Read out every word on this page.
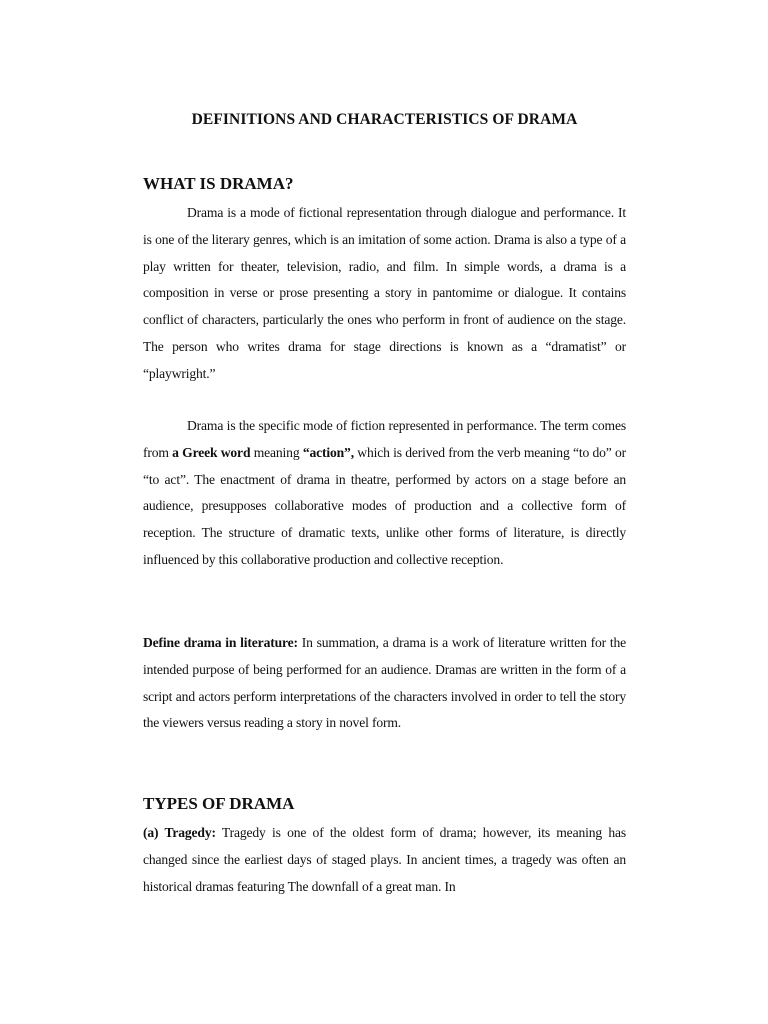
DEFINITIONS AND CHARACTERISTICS OF DRAMA
WHAT IS DRAMA?

Drama is a mode of fictional representation through dialogue and performance. It is one of the literary genres, which is an imitation of some action. Drama is also a type of a play written for theater, television, radio, and film. In simple words, a drama is a composition in verse or prose presenting a story in pantomime or dialogue. It contains conflict of characters, particularly the ones who perform in front of audience on the stage. The person who writes drama for stage directions is known as a “dramatist” or “playwright.”

Drama is the specific mode of fiction represented in performance. The term comes from a Greek word meaning “action”, which is derived from the verb meaning “to do” or “to act”. The enactment of drama in theatre, performed by actors on a stage before an audience, presupposes collaborative modes of production and a collective form of reception. The structure of dramatic texts, unlike other forms of literature, is directly influenced by this collaborative production and collective reception.

Define drama in literature: In summation, a drama is a work of literature written for the intended purpose of being performed for an audience. Dramas are written in the form of a script and actors perform interpretations of the characters involved in order to tell the story the viewers versus reading a story in novel form.

TYPES OF DRAMA

(a) Tragedy: Tragedy is one of the oldest form of drama; however, its meaning has changed since the earliest days of staged plays. In ancient times, a tragedy was often an historical dramas featuring The downfall of a great man. In
